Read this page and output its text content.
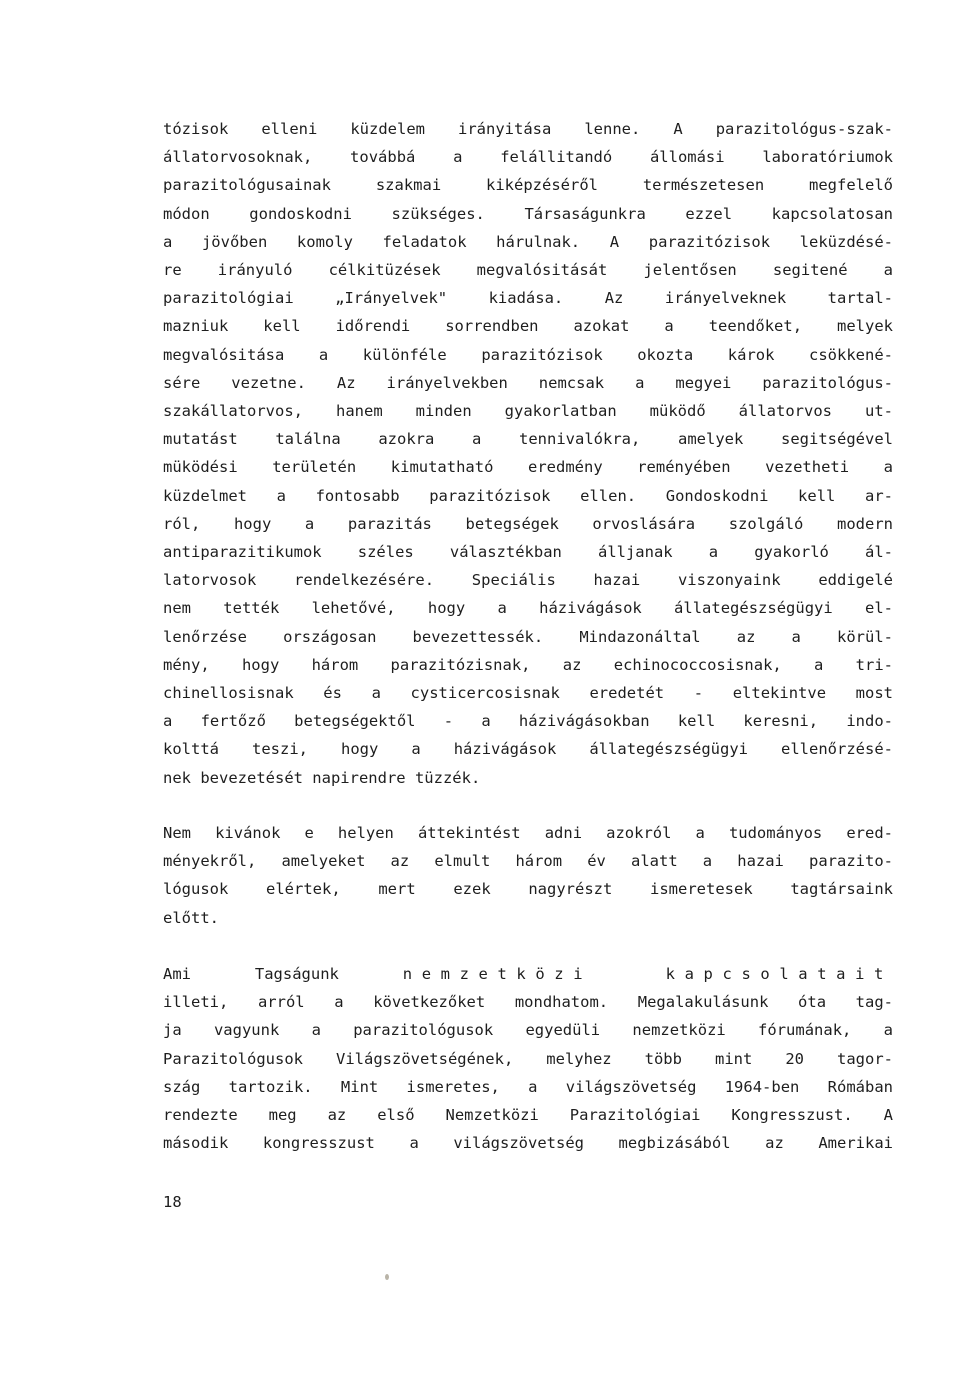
tózisok elleni küzdelem irányitása lenne. A parazitológus-szak-
állatorvosoknak, továbbá a felállitandó állomási laboratóriumok
parazitológusainak szakmai kiképzéséről természetesen megfelelő
módon gondoskodni szükséges. Társaságunkra ezzel kapcsolatosan
a jövőben komoly feladatok hárulnak. A parazitózisok leküzdésé-
re irányuló célkitüzések megvalósitását jelentősen segitené a
parazitológiai „Irányelvek" kiadása. Az irányelveknek tartal-
mazniuk kell időrendi sorrendben azokat a teendőket, melyek
megvalósitása a különféle parazitózisok okozta károk csökkené-
sére vezetne. Az irányelvekben nemcsak a megyei parazitológus-
szakállatorvos, hanem minden gyakorlatban müködő állatorvos ut-
mutatást találna azokra a tennivalókra, amelyek segitségével
müködési területén kimutatható eredmény reményében vezetheti a
küzdelmet a fontosabb parazitózisok ellen. Gondoskodni kell ar-
ról, hogy a parazitás betegségek orvoslására szolgáló modern
antiparazitikumok széles választékban álljanak a gyakorló ál-
latorvosok rendelkezésére. Speciális hazai viszonyaink eddigelé
nem tették lehetővé, hogy a házivágások állategészségügyi el-
lenőrzése országosan bevezettessék. Mindazonáltal az a körül-
mény, hogy három parazitózisnak, az echinococcosisnak, a tri-
chinellosisnak és a cysticercosisnak eredetét - eltekintve most
a fertőző betegségektől - a házivágásokban kell keresni, indo-
kolttá teszi, hogy a házivágások állategészségügyi ellenőrzésé-
nek bevezetését napirendre tüzzék.
Nem kivánok e helyen áttekintést adni azokról a tudományos ered-
ményekről, amelyeket az elmult három év alatt a hazai parazito-
lógusok elértek, mert ezek nagyrészt ismeretesek tagtársaink
előtt.
Ami Tagságunk	nemzetközi kapcsolatait
illeti, arról a következőket mondhatom. Megalakulásunk óta tag-
ja vagyunk a parazitológusok egyedüli nemzetközi fórumának, a
Parazitológusok Világszövetségének, melyhez több mint 20 tagor-
szág tartozik. Mint ismeretes, a világszövetség 1964-ben Rómában
rendezte meg az első Nemzetközi Parazitológiai Kongresszust. A
második kongresszust a világszövetség megbizásából az Amerikai
18
